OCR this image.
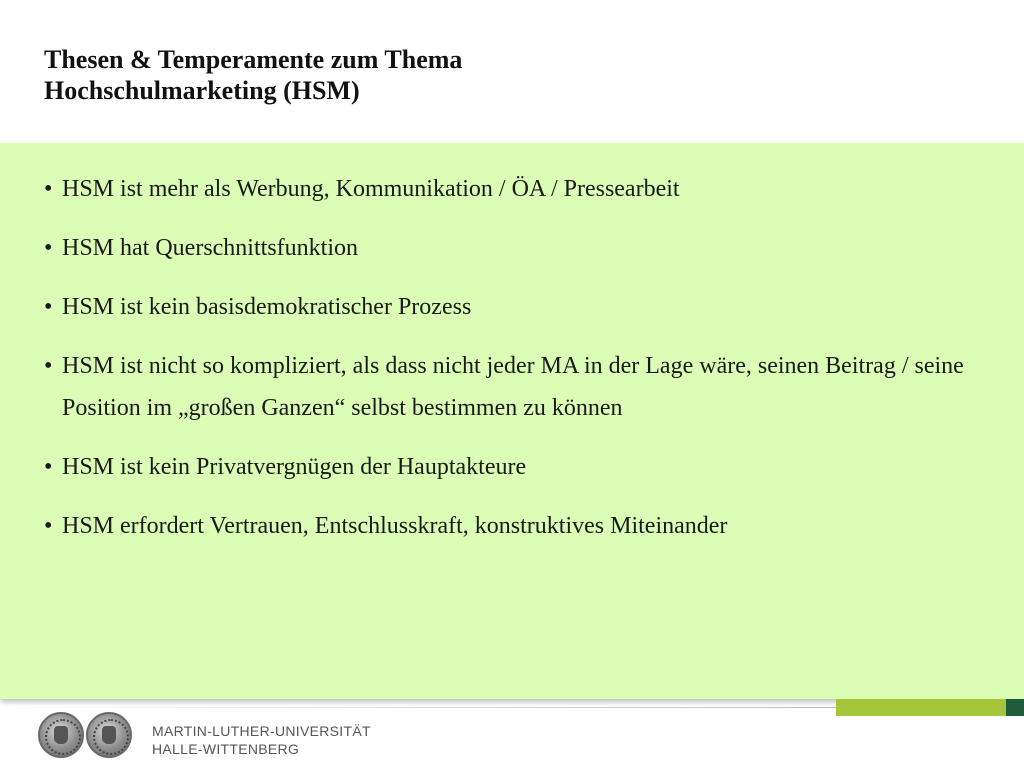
Thesen & Temperamente zum Thema
Hochschulmarketing (HSM)
• HSM ist mehr als Werbung, Kommunikation / ÖA / Pressearbeit
• HSM hat Querschnittsfunktion
• HSM ist kein basisdemokratischer Prozess
• HSM ist nicht so kompliziert, als dass nicht jeder MA in der Lage wäre, seinen Beitrag / seine Position im „großen Ganzen“ selbst bestimmen zu können
• HSM ist kein Privatvergnügen der Hauptakteure
• HSM erfordert Vertrauen, Entschlusskraft, konstruktives Miteinander
MARTIN-LUTHER-UNIVERSITÄT
HALLE-WITTENBERG
